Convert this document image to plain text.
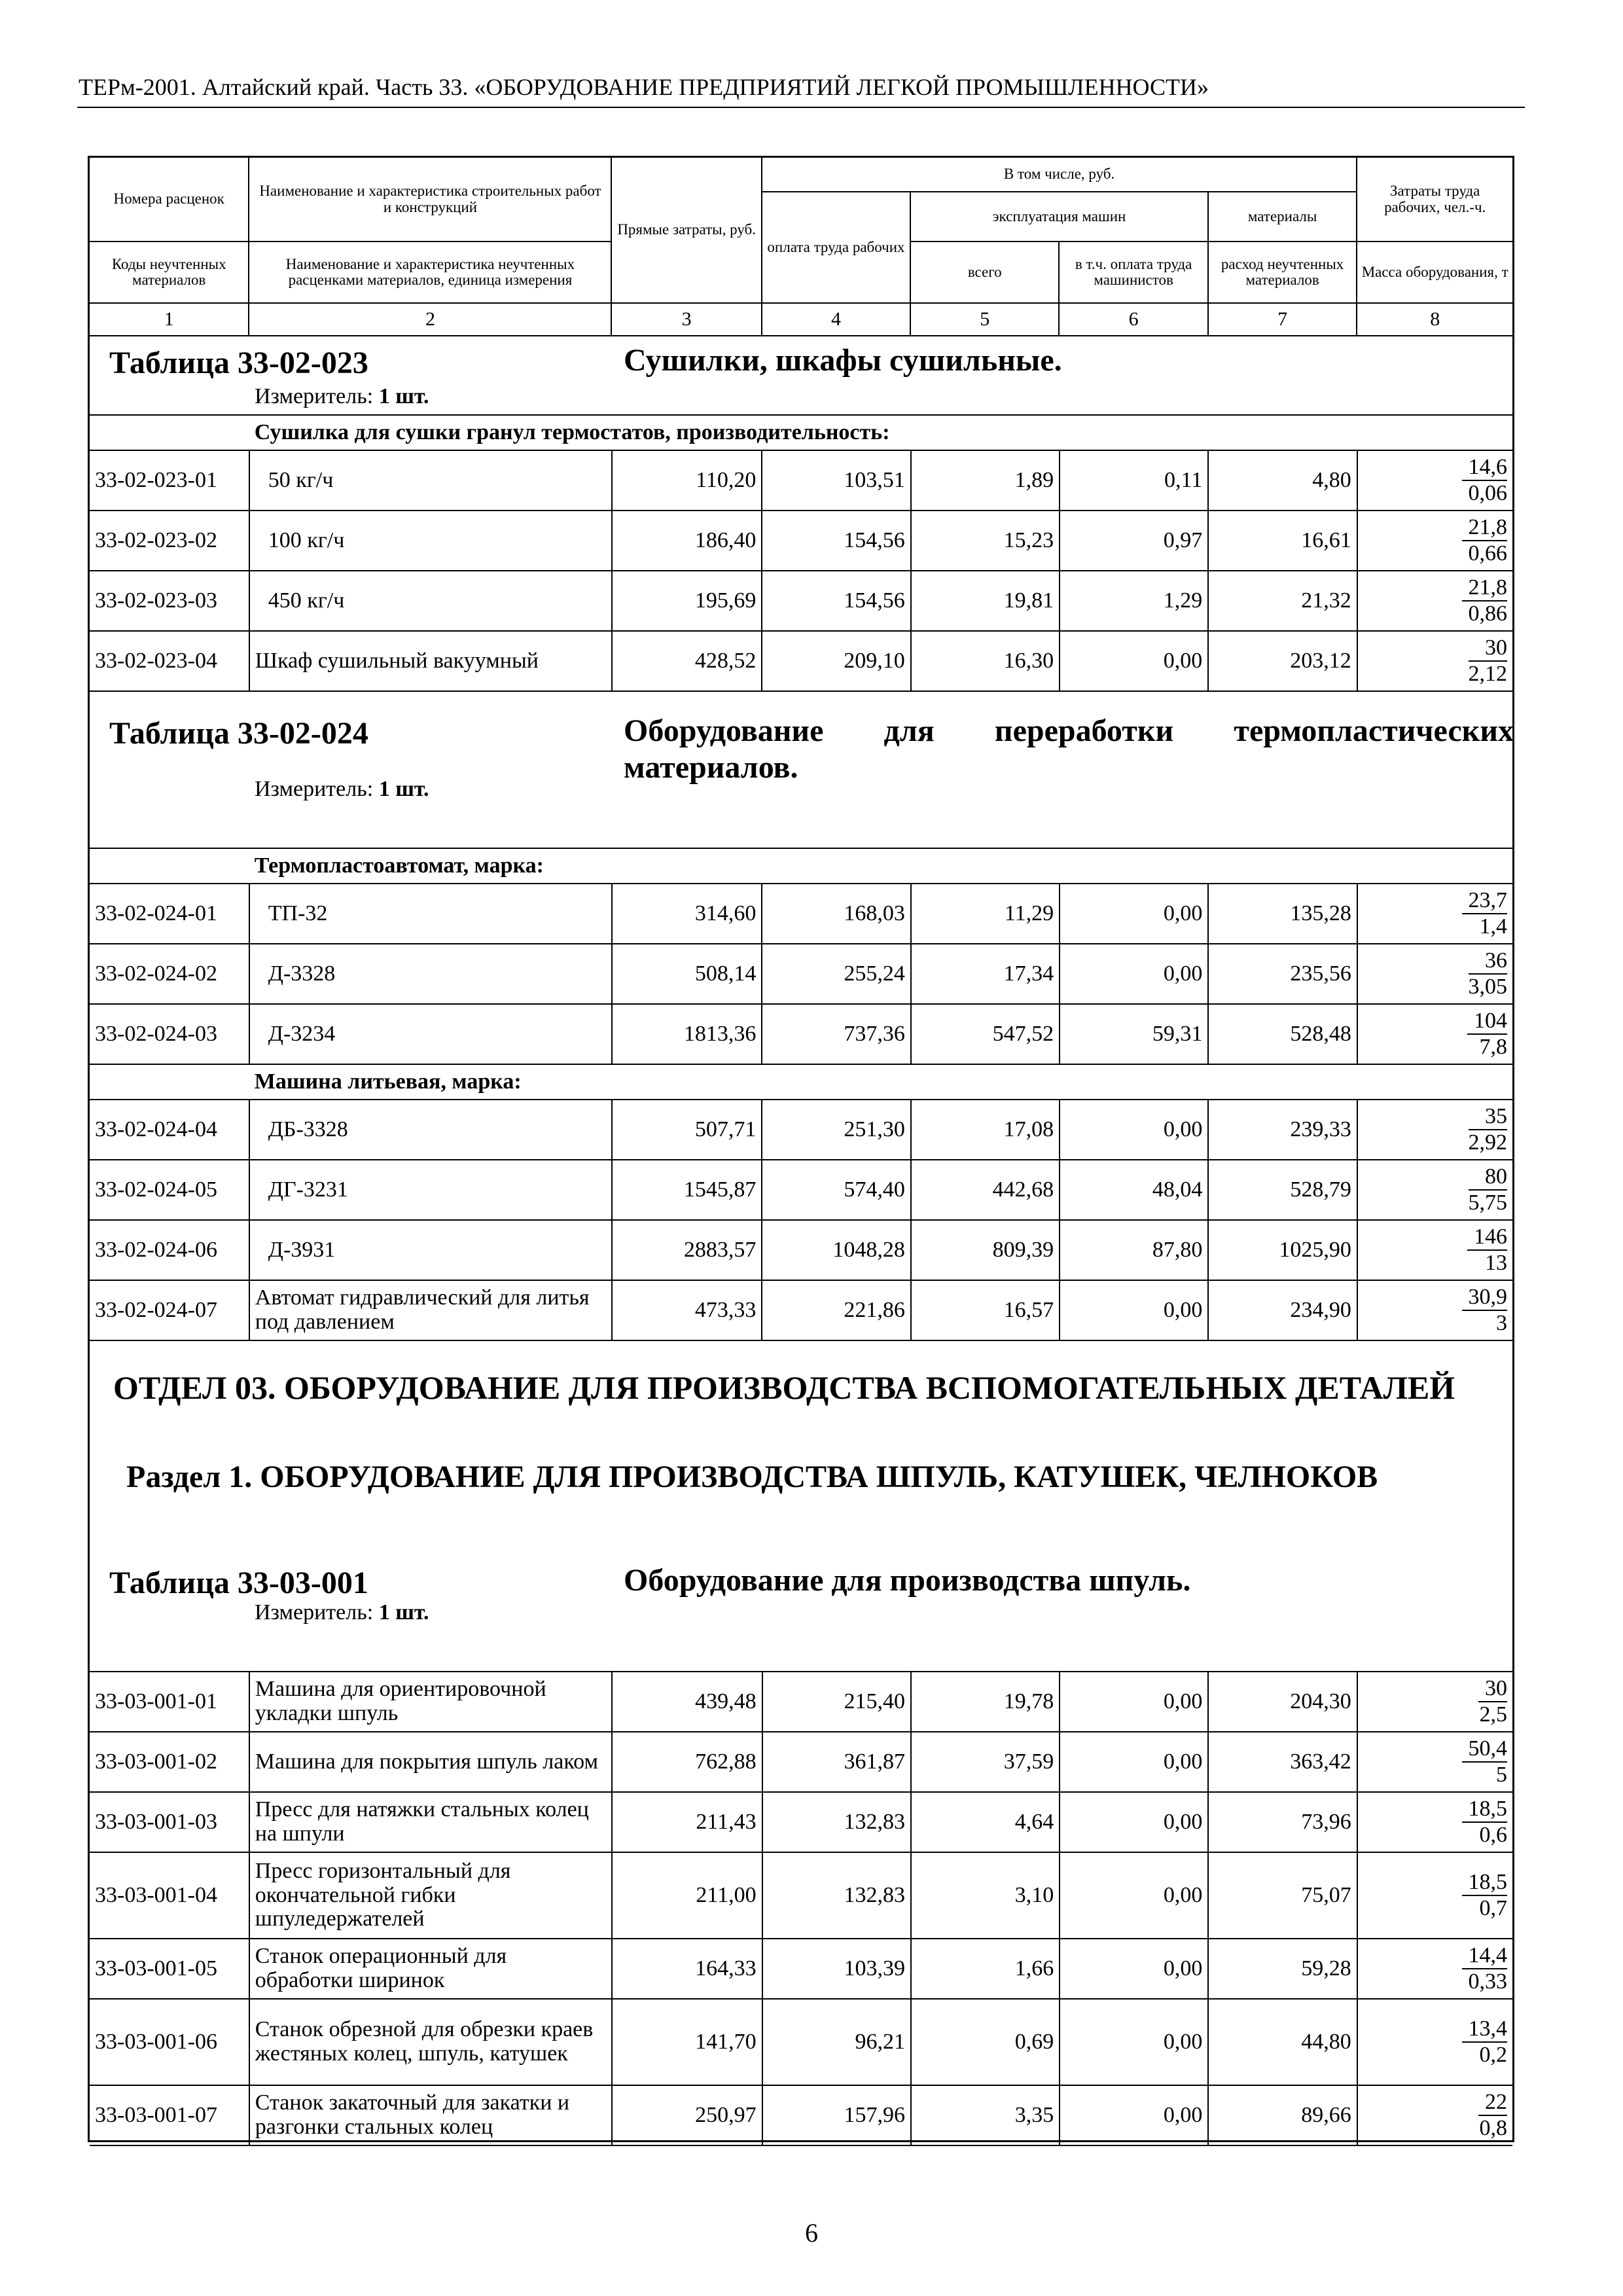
ТЕРм-2001. Алтайский край. Часть 33. «ОБОРУДОВАНИЕ ПРЕДПРИЯТИЙ ЛЕГКОЙ ПРОМЫШЛЕННОСТИ»
Номера расценок	Наименование и характеристика строительных работ и конструкций	Прямые затраты, руб.	В том числе, руб.				Затраты труда рабочих, чел.-ч.
			оплата труда рабочих	эксплуатация машин		материалы	
Коды неучтенных материалов	Наименование и характеристика неучтенных расценками материалов, единица измерения			всего	в т.ч. оплата труда машинистов	расход неучтенных материалов	Масса оборудования, т
1	2	3	4	5	6	7	8
Таблица 33-02-023	Сушилки, шкафы сушильные.
Измеритель: 1 шт.
	Сушилка для сушки гранул термостатов, производительность:						
33-02-023-01	50 кг/ч	110,20	103,51	1,89	0,11	4,80	$\frac{14,6}{0,06}$

33-02-023-02	100 кг/ч	186,40	154,56	15,23	0,97	16,61	$\frac{21,8}{0,66}$

33-02-023-03	450 кг/ч	195,69	154,56	19,81	1,29	21,32	$\frac{21,8}{0,86}$

33-02-023-04	Шкаф сушильный вакуумный	428,52	209,10	16,30	0,00	203,12	$\frac{30}{2,12}$
Таблица 33-02-024	Оборудование для переработки термопластических материалов.
Измеритель: 1 шт.
	Термопластоавтомат, марка:						
33-02-024-01	ТП-32	314,60	168,03	11,29	0,00	135,28	$\frac{23,7}{1,4}$

33-02-024-02	Д-3328	508,14	255,24	17,34	0,00	235,56	$\frac{36}{3,05}$

33-02-024-03	Д-3234	1813,36	737,36	547,52	59,31	528,48	$\frac{104}{7,8}$

	Машина литьевая, марка:						
33-02-024-04	ДБ-3328	507,71	251,30	17,08	0,00	239,33	$\frac{35}{2,92}$

33-02-024-05	ДГ-3231	1545,87	574,40	442,68	48,04	528,79	$\frac{80}{5,75}$

33-02-024-06	Д-3931	2883,57	1048,28	809,39	87,80	1025,90	$\frac{146}{13}$

33-02-024-07	Автомат гидравлический для литья под давлением	473,33	221,86	16,57	0,00	234,90	$\frac{30,9}{3}$
ОТДЕЛ 03. ОБОРУДОВАНИЕ ДЛЯ ПРОИЗВОДСТВА ВСПОМОГАТЕЛЬНЫХ ДЕТАЛЕЙ
Раздел 1. ОБОРУДОВАНИЕ ДЛЯ ПРОИЗВОДСТВА ШПУЛЬ, КАТУШЕК, ЧЕЛНОКОВ
Таблица 33-03-001	Оборудование для производства шпуль.
Измеритель: 1 шт.
33-03-001-01	Машина для ориентировочной укладки шпуль	439,48	215,40	19,78	0,00	204,30	$\frac{30}{2,5}$

33-03-001-02	Машина для покрытия шпуль лаком	762,88	361,87	37,59	0,00	363,42	$\frac{50,4}{5}$

33-03-001-03	Пресс для натяжки стальных колец на шпули	211,43	132,83	4,64	0,00	73,96	$\frac{18,5}{0,6}$

33-03-001-04	Пресс горизонтальный для окончательной гибки шпуледержателей	211,00	132,83	3,10	0,00	75,07	$\frac{18,5}{0,7}$

33-03-001-05	Станок операционный для обработки ширинок	164,33	103,39	1,66	0,00	59,28	$\frac{14,4}{0,33}$

33-03-001-06	Станок обрезной для обрезки краев жестяных колец, шпуль, катушек	141,70	96,21	0,69	0,00	44,80	$\frac{13,4}{0,2}$

33-03-001-07	Станок закаточный для закатки и разгонки стальных колец	250,97	157,96	3,35	0,00	89,66	$\frac{22}{0,8}$
6
